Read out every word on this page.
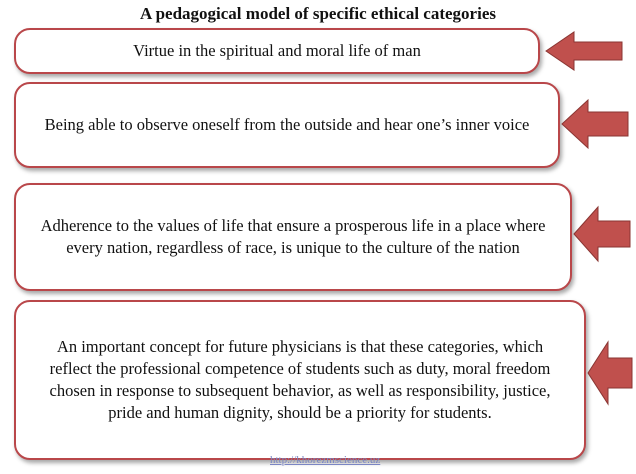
A pedagogical model of specific ethical categories
Virtue in the spiritual and moral life of man
Being able to observe oneself from the outside and hear one’s inner voice
Adherence to the values of life that ensure a prosperous life in a place where every nation, regardless of race, is unique to the culture of the nation
An important concept for future physicians is that these categories, which reflect the professional competence of students such as duty, moral freedom chosen in response to subsequent behavior, as well as responsibility, justice, pride and human dignity, should be a priority for students.
http://khorezmscience.uz
